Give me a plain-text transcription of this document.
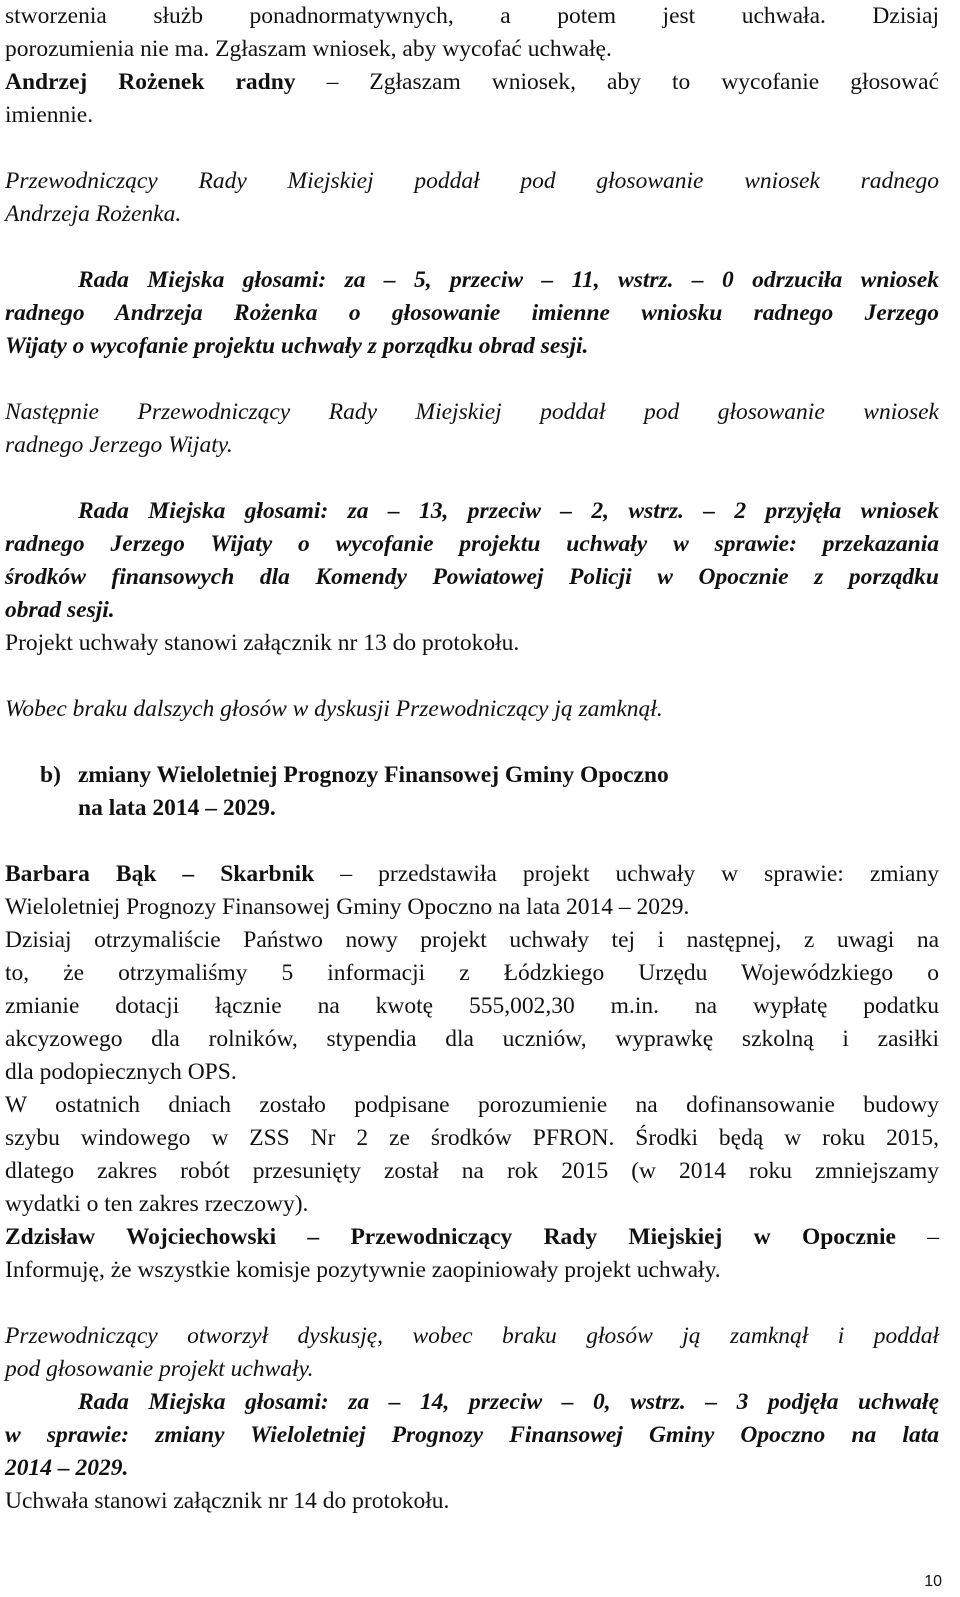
stworzenia służb ponadnormatywnych, a potem jest uchwała. Dzisiaj

porozumienia nie ma. Zgłaszam wniosek, aby wycofać uchwałę.

Andrzej Rożenek radny – Zgłaszam wniosek, aby to wycofanie głosować

imiennie.

Przewodniczący Rady Miejskiej poddał pod głosowanie wniosek radnego

Andrzeja Rożenka.

Rada Miejska głosami: za – 5, przeciw – 11, wstrz. – 0 odrzuciła wniosek

radnego Andrzeja Rożenka o głosowanie imienne wniosku radnego Jerzego

Wijaty o wycofanie projektu uchwały z porządku obrad sesji.

Następnie Przewodniczący Rady Miejskiej poddał pod głosowanie wniosek

radnego Jerzego Wijaty.

Rada Miejska głosami: za – 13, przeciw – 2, wstrz. – 2 przyjęła wniosek

radnego Jerzego Wijaty o wycofanie projektu uchwały w sprawie: przekazania

środków finansowych dla Komendy Powiatowej Policji w Opocznie z porządku

obrad sesji.

Projekt uchwały stanowi załącznik nr 13 do protokołu.

Wobec braku dalszych głosów w dyskusji Przewodniczący ją zamknął.

b) zmiany Wieloletniej Prognozy Finansowej Gminy Opoczno
na lata 2014 – 2029.

Barbara Bąk – Skarbnik – przedstawiła projekt uchwały w sprawie: zmiany

Wieloletniej Prognozy Finansowej Gminy Opoczno na lata 2014 – 2029.

Dzisiaj otrzymaliście Państwo nowy projekt uchwały tej i następnej, z uwagi na

to, że otrzymaliśmy 5 informacji z Łódzkiego Urzędu Wojewódzkiego o

zmianie dotacji łącznie na kwotę 555,002,30 m.in. na wypłatę podatku

akcyzowego dla rolników, stypendia dla uczniów, wyprawkę szkolną i zasiłki

dla podopiecznych OPS.

W ostatnich dniach zostało podpisane porozumienie na dofinansowanie budowy

szybu windowego w ZSS Nr 2 ze środków PFRON. Środki będą w roku 2015,

dlatego zakres robót przesunięty został na rok 2015 (w 2014 roku zmniejszamy

wydatki o ten zakres rzeczowy).

Zdzisław Wojciechowski – Przewodniczący Rady Miejskiej w Opocznie –

Informuję, że wszystkie komisje pozytywnie zaopiniowały projekt uchwały.

Przewodniczący otworzył dyskusję, wobec braku głosów ją zamknął i poddał

pod głosowanie projekt uchwały.

Rada Miejska głosami: za – 14, przeciw – 0, wstrz. – 3 podjęła uchwałę

w sprawie: zmiany Wieloletniej Prognozy Finansowej Gminy Opoczno na lata

2014 – 2029.

Uchwała stanowi załącznik nr 14 do protokołu.

10
